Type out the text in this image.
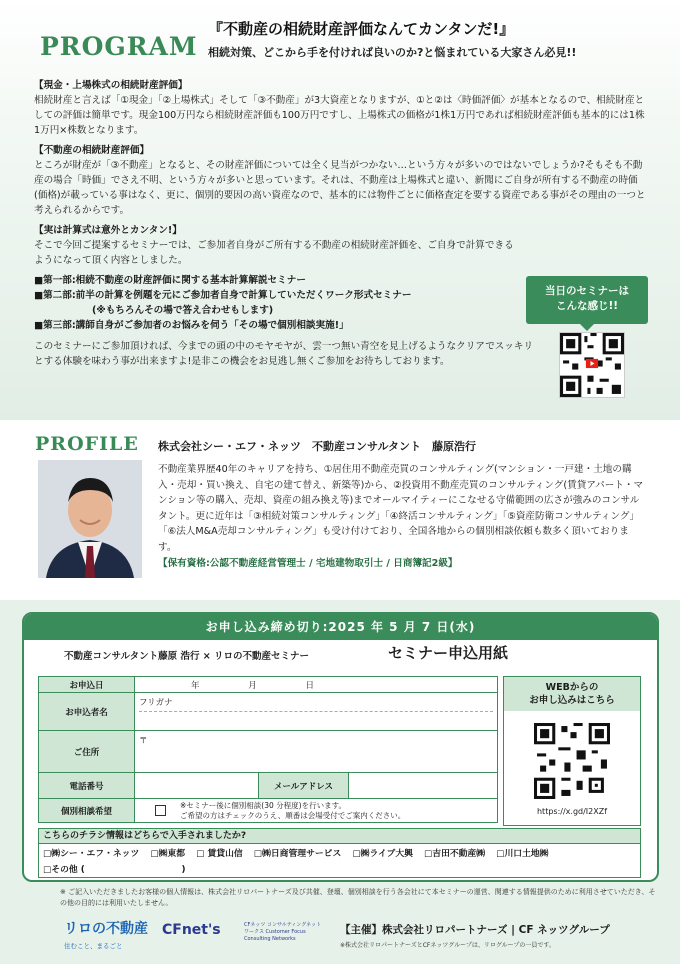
PROGRAM
『不動産の相続財産評価なんてカンタンだ!』
相続対策、どこから手を付ければ良いのか?と悩まれている大家さん必見!!
【現金・上場株式の相続財産評価】
相続財産と言えば「①現金」「②上場株式」そして「③不動産」が3大資産となりますが、①と②は〈時価評価〉が基本となるので、相続財産としての評価は簡単です。現金100万円なら相続財産評価も100万円ですし、上場株式の価格が1株1万円であれば相続財産評価も基本的には1株1万円×株数となります。
【不動産の相続財産評価】
ところが財産が「③不動産」となると、その財産評価については全く見当がつかない…という方々が多いのではないでしょうか?そもそも不動産の場合「時価」でさえ不明、という方々が多いと思っています。それは、不動産は上場株式と違い、新聞にご自身が所有する不動産の時価(価格)が載っている事はなく、更に、個別的要因の高い資産なので、基本的には物件ごとに価格査定を要する資産である事がその理由の一つと考えられるからです。
【実は計算式は意外とカンタン!】
そこで今回ご提案するセミナーでは、ご参加者自身がご所有する不動産の相続財産評価を、ご自身で計算できるようになって頂く内容としました。
■第一部:相続不動産の財産評価に関する基本計算解説セミナー
■第二部:前半の計算を例題を元にご参加者自身で計算していただくワーク形式セミナー
(※もちろんその場で答え合わせもします)
■第三部:講師自身がご参加者のお悩みを伺う「その場で個別相談実施!」
このセミナーにご参加頂ければ、今までの頭の中のモヤモヤが、雲一つ無い青空を見上げるようなクリアでスッキリとする体験を味わう事が出来ますよ!是非この機会をお見逃し無くご参加をお待ちしております。
当日のセミナーは
こんな感じ!!
PROFILE 株式会社シー・エフ・ネッツ　不動産コンサルタント　藤原浩行
不動産業界歴40年のキャリアを持ち、①居住用不動産売買のコンサルティング(マンション・一戸建・土地の購入・売却・買い換え、自宅の建て替え、新築等)から、②投資用不動産売買のコンサルティング(賃貸アパート・マンション等の購入、売却、資産の組み換え等)までオールマイティーにこなせる守備範囲の広さが強みのコンサルタント。更に近年は「③相続対策コンサルティング」「④終活コンサルティング」「⑤資産防衛コンサルティング」「⑥法人M&A売却コンサルティング」も受け付けており、全国各地からの個別相談依頼も数多く頂いております。
【保有資格:公認不動産経営管理士 / 宅地建物取引士 / 日商簿記2級】
お申し込み締め切り:2025 年 5 月 7 日(水)
不動産コンサルタント藤原 浩行 × リロの不動産セミナー	セミナー申込用紙
お申込日	年 月 日		
お申込者名	フリガナ		

ご住所	〒		
電話番号		メールアドレス	
個別相談希望	※セミナー後に個別相談(30 分程度)を行います。
ご希望の方はチェックのうえ、順番は会場受付でご案内ください。		
WEBからの
お申し込みはこちら
https://x.gd/I2XZf
こちらのチラシ情報はどちらで入手されましたか?
□㈱シー・エフ・ネッツ □㈱東都 □ 賃貸山信 □㈱日商管理サービス □㈱ライブ大興 □吉田不動産㈱ □川口土地㈱
□その他 (　　　　　　　　　　　)
※ ご記入いただきましたお客様の個人情報は、株式会社リロパートナーズ及び共催、登壇、個別相談を行う各会社にて本セミナーの運営、関連する情報提供のために利用させていただき、その他の目的には利用いたしません。
リロの不動産
住むこと、まるごと
CFnet's	CFネッツ コンサルティングネットワークス Customer Focus Consulting Networks
【主催】株式会社リロパートナーズ | CF ネッツグループ
※株式会社リロパートナーズとCFネッツグループは、リログループの一員です。
